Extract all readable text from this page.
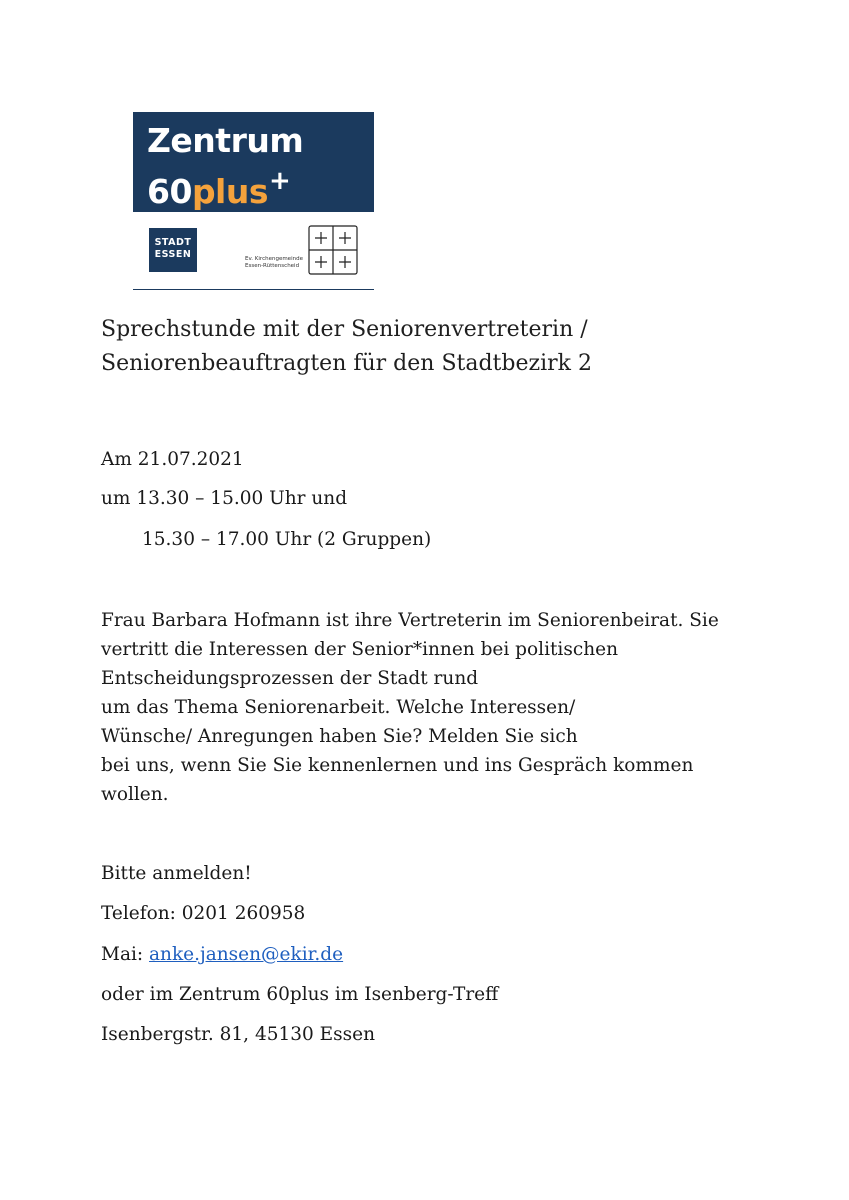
Zentrum
60plus+
STADT
ESSEN	Ev. Kirchengemeinde
Essen-Rüttenscheid
Sprechstunde mit der Seniorenvertreterin /
Seniorenbeauftragten für den Stadtbezirk 2
Am 21.07.2021
um 13.30 – 15.00 Uhr und
15.30 – 17.00 Uhr (2 Gruppen)
Frau Barbara Hofmann ist ihre Vertreterin im Seniorenbeirat. Sie
vertritt die Interessen der Senior*innen bei politischen
Entscheidungsprozessen der Stadt rund
um das Thema Seniorenarbeit. Welche Interessen/
Wünsche/ Anregungen haben Sie? Melden Sie sich
bei uns, wenn Sie Sie kennenlernen und ins Gespräch kommen
wollen.
Bitte anmelden!
Telefon: 0201 260958
Mai: anke.jansen@ekir.de
oder im Zentrum 60plus im Isenberg-Treff
Isenbergstr. 81, 45130 Essen
